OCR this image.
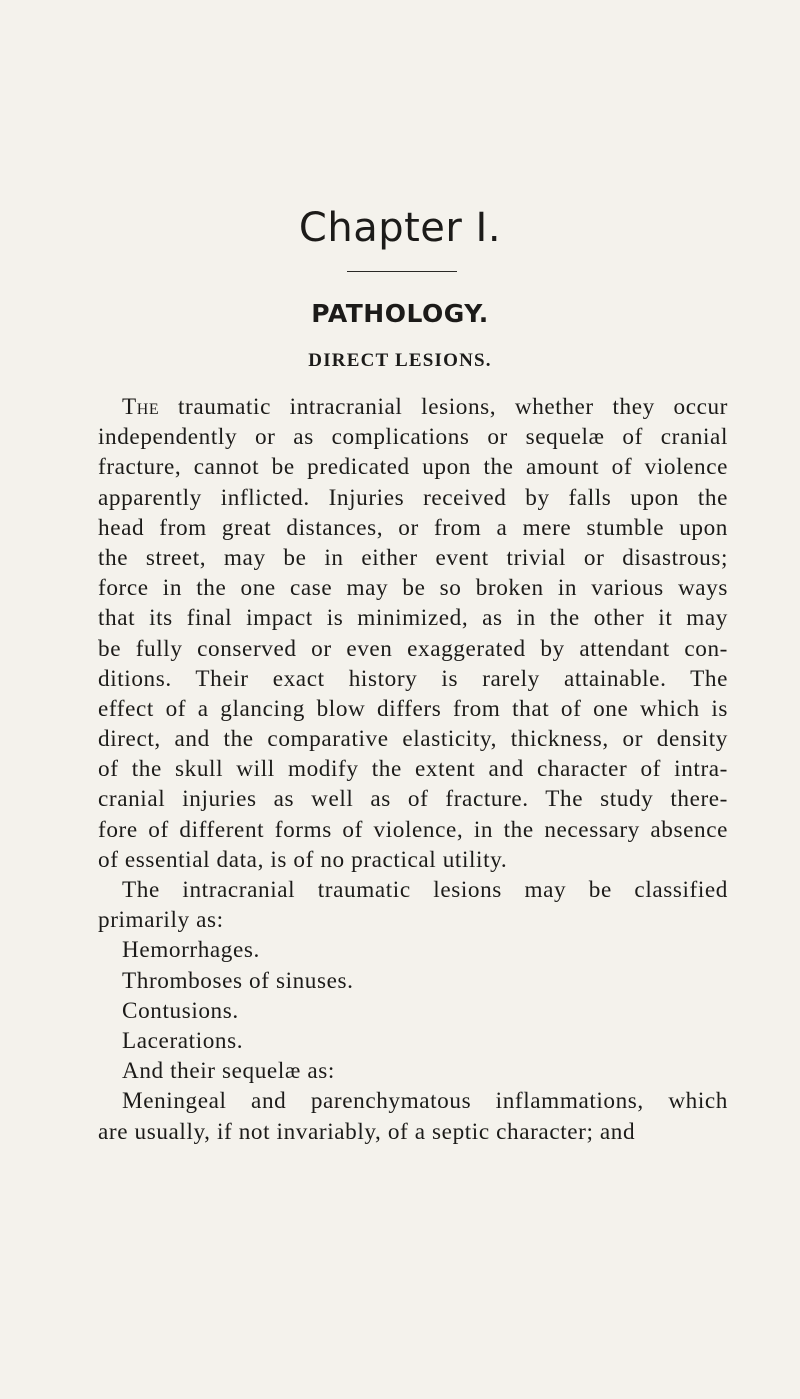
Chapter I.
PATHOLOGY.
DIRECT LESIONS.
The traumatic intracranial lesions, whether they occur
independently or as complications or sequelæ of cranial
fracture, cannot be predicated upon the amount of violence
apparently inflicted. Injuries received by falls upon the
head from great distances, or from a mere stumble upon
the street, may be in either event trivial or disastrous;
force in the one case may be so broken in various ways
that its final impact is minimized, as in the other it may
be fully conserved or even exaggerated by attendant con-
ditions. Their exact history is rarely attainable. The
effect of a glancing blow differs from that of one which is
direct, and the comparative elasticity, thickness, or density
of the skull will modify the extent and character of intra-
cranial injuries as well as of fracture. The study there-
fore of different forms of violence, in the necessary absence
of essential data, is of no practical utility.
The intracranial traumatic lesions may be classified
primarily as:
Hemorrhages.
Thromboses of sinuses.
Contusions.
Lacerations.
And their sequelæ as:
Meningeal and parenchymatous inflammations, which
are usually, if not invariably, of a septic character; and
